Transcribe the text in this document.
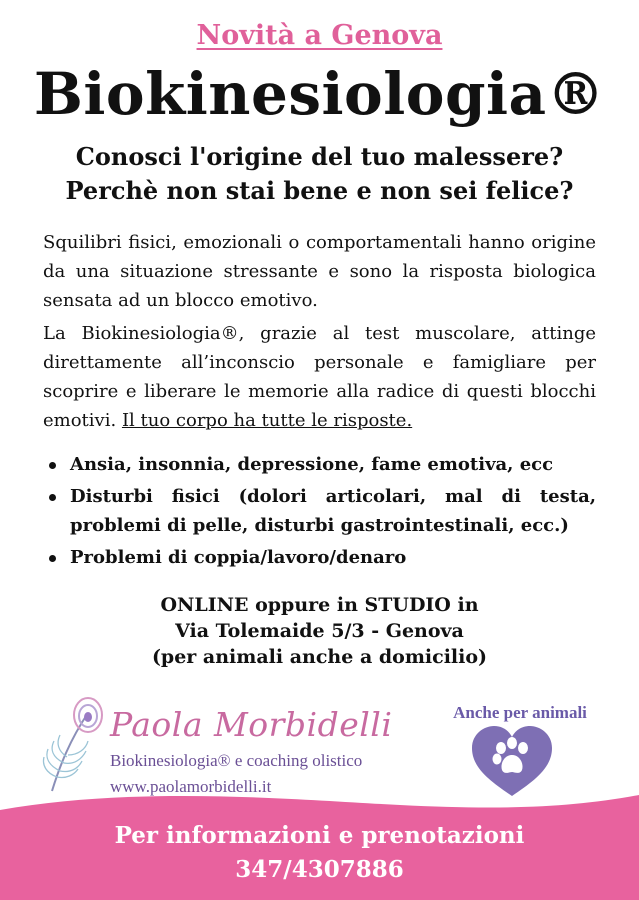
Novità a Genova
Biokinesiologia®
Conosci l'origine del tuo malessere?
Perchè non stai bene e non sei felice?
Squilibri fisici, emozionali o comportamentali hanno origine da una situazione stressante e sono la risposta biologica sensata ad un blocco emotivo.
La Biokinesiologia®, grazie al test muscolare, attinge direttamente all’inconscio personale e famigliare per scoprire e liberare le memorie alla radice di questi blocchi emotivi. Il tuo corpo ha tutte le risposte.
Ansia, insonnia, depressione, fame emotiva, ecc
Disturbi fisici (dolori articolari, mal di testa, problemi di pelle, disturbi gastrointestinali, ecc.)
Problemi di coppia/lavoro/denaro
ONLINE oppure in STUDIO in
Via Tolemaide 5/3 - Genova
(per animali anche a domicilio)
Paola Morbidelli
Biokinesiologia® e coaching olistico
www.paolamorbidelli.it
Anche per animali
Per informazioni e prenotazioni
347/4307886
